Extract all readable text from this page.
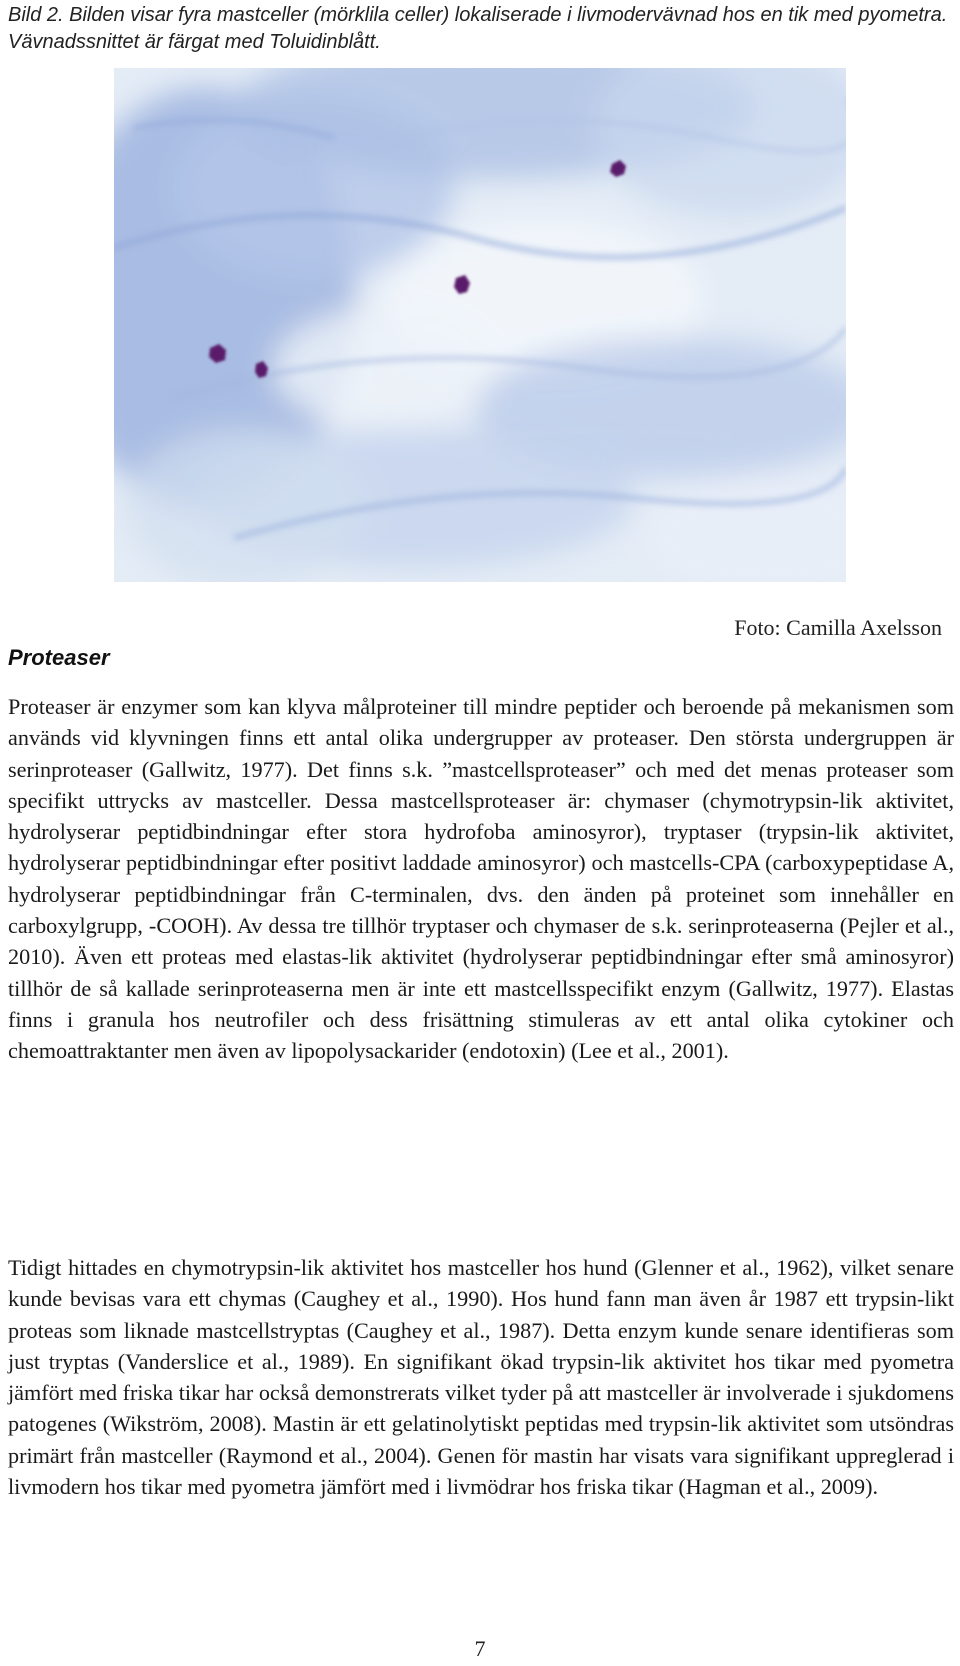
Bild 2. Bilden visar fyra mastceller (mörklila celler) lokaliserade i livmodervävnad hos en tik med pyometra. Vävnadssnittet är färgat med Toluidinblått.
Foto: Camilla Axelsson
Proteaser

Proteaser är enzymer som kan klyva målproteiner till mindre peptider och beroende på mekanismen som används vid klyvningen finns ett antal olika undergrupper av proteaser. Den största undergruppen är serinproteaser (Gallwitz, 1977). Det finns s.k. ”mastcellsproteaser” och med det menas proteaser som specifikt uttrycks av mastceller. Dessa mastcellsproteaser är: chymaser (chymotrypsin-lik aktivitet, hydrolyserar peptidbindningar efter stora hydrofoba aminosyror), tryptaser (trypsin-lik aktivitet, hydrolyserar peptidbindningar efter positivt laddade aminosyror) och mastcells-CPA (carboxypeptidase A, hydrolyserar peptidbindningar från C-terminalen, dvs. den änden på proteinet som innehåller en carboxylgrupp, -COOH). Av dessa tre tillhör tryptaser och chymaser de s.k. serinproteaserna (Pejler et al., 2010). Även ett proteas med elastas-lik aktivitet (hydrolyserar peptidbindningar efter små aminosyror) tillhör de så kallade serinproteaserna men är inte ett mastcellsspecifikt enzym (Gallwitz, 1977). Elastas finns i granula hos neutrofiler och dess frisättning stimuleras av ett antal olika cytokiner och chemoattraktanter men även av lipopolysackarider (endotoxin) (Lee et al., 2001).

Tidigt hittades en chymotrypsin-lik aktivitet hos mastceller hos hund (Glenner et al., 1962), vilket senare kunde bevisas vara ett chymas (Caughey et al., 1990). Hos hund fann man även år 1987 ett trypsin-likt proteas som liknade mastcellstryptas (Caughey et al., 1987). Detta enzym kunde senare identifieras som just tryptas (Vanderslice et al., 1989). En signifikant ökad trypsin-lik aktivitet hos tikar med pyometra jämfört med friska tikar har också demonstrerats vilket tyder på att mastceller är involverade i sjukdomens patogenes (Wikström, 2008). Mastin är ett gelatinolytiskt peptidas med trypsin-lik aktivitet som utsöndras primärt från mastceller (Raymond et al., 2004). Genen för mastin har visats vara signifikant uppreglerad i livmodern hos tikar med pyometra jämfört med i livmödrar hos friska tikar (Hagman et al., 2009).

7
